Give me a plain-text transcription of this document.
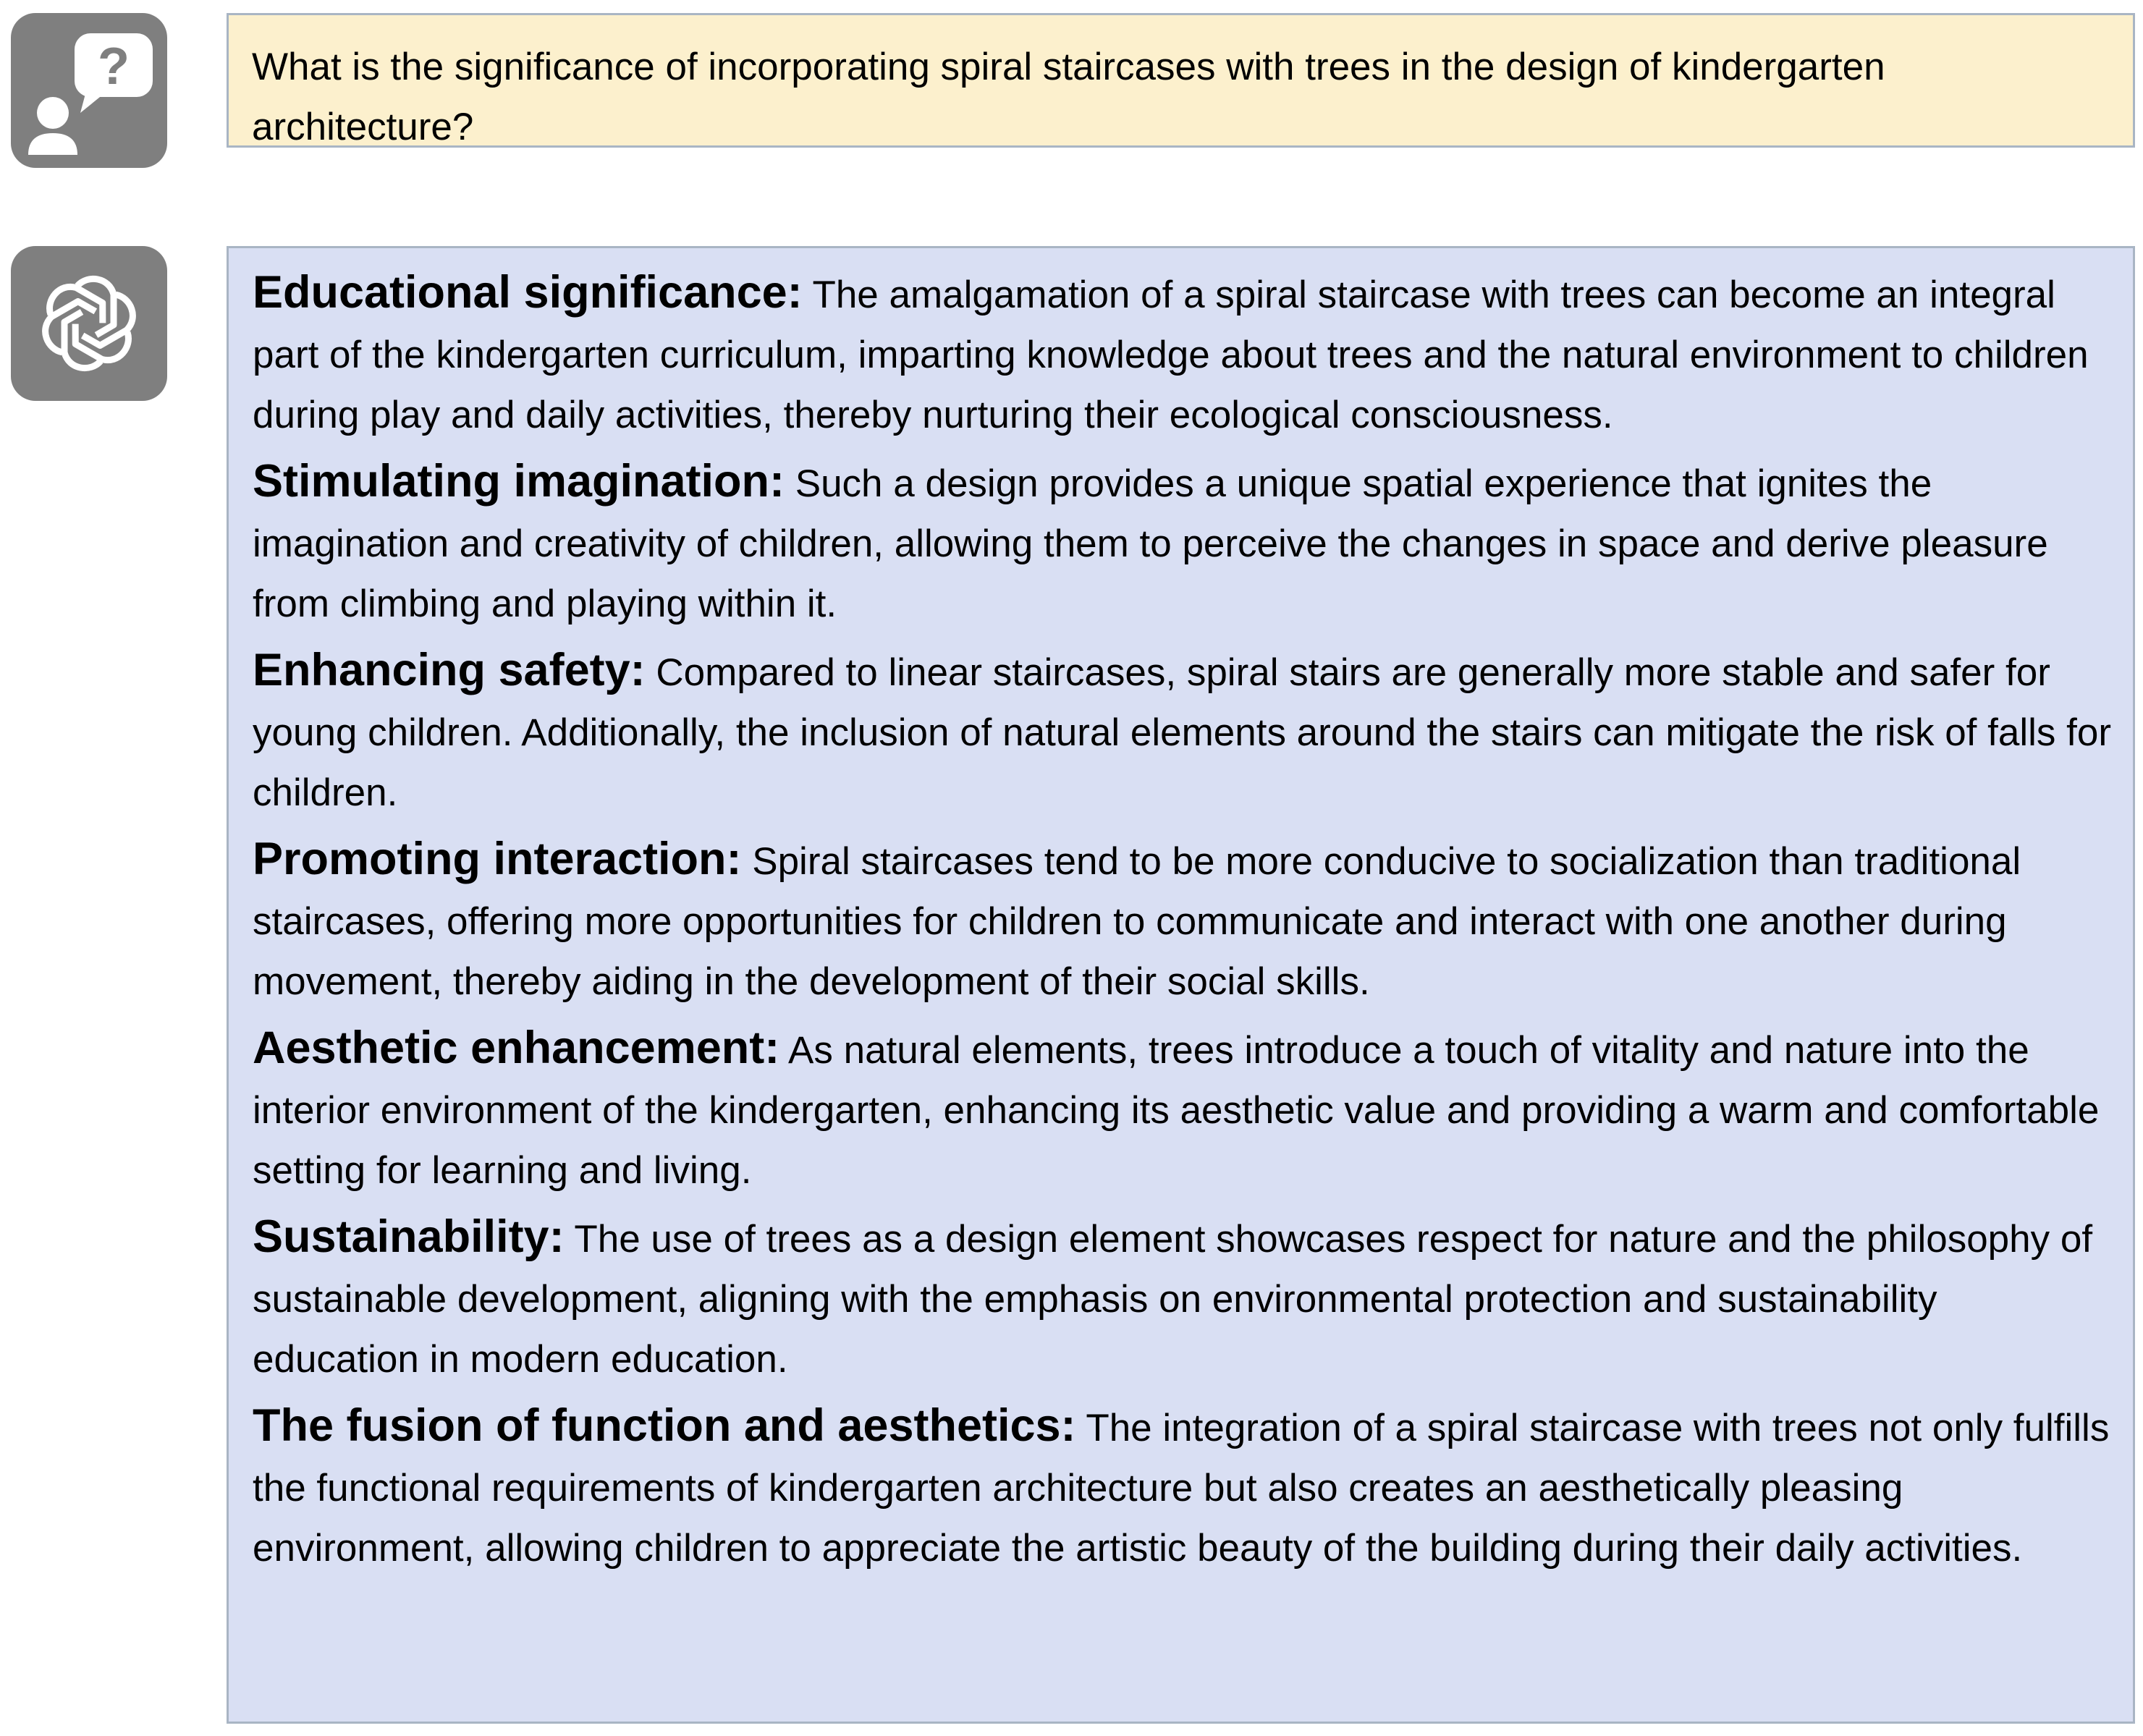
?	What is the significance of incorporating spiral staircases with trees in the design of kindergarten architecture?
Educational significance: The amalgamation of a spiral staircase with trees can become an integral part of the kindergarten curriculum, imparting knowledge about trees and the natural environment to children during play and daily activities, thereby nurturing their ecological consciousness.
Stimulating imagination: Such a design provides a unique spatial experience that ignites the imagination and creativity of children, allowing them to perceive the changes in space and derive pleasure from climbing and playing within it.
Enhancing safety: Compared to linear staircases, spiral stairs are generally more stable and safer for young children. Additionally, the inclusion of natural elements around the stairs can mitigate the risk of falls for children.
Promoting interaction: Spiral staircases tend to be more conducive to socialization than traditional staircases, offering more opportunities for children to communicate and interact with one another during movement, thereby aiding in the development of their social skills.
Aesthetic enhancement: As natural elements, trees introduce a touch of vitality and nature into the interior environment of the kindergarten, enhancing its aesthetic value and providing a warm and comfortable setting for learning and living.
Sustainability: The use of trees as a design element showcases respect for nature and the philosophy of sustainable development, aligning with the emphasis on environmental protection and sustainability education in modern education.
The fusion of function and aesthetics: The integration of a spiral staircase with trees not only fulfills the functional requirements of kindergarten architecture but also creates an aesthetically pleasing environment, allowing children to appreciate the artistic beauty of the building during their daily activities.
